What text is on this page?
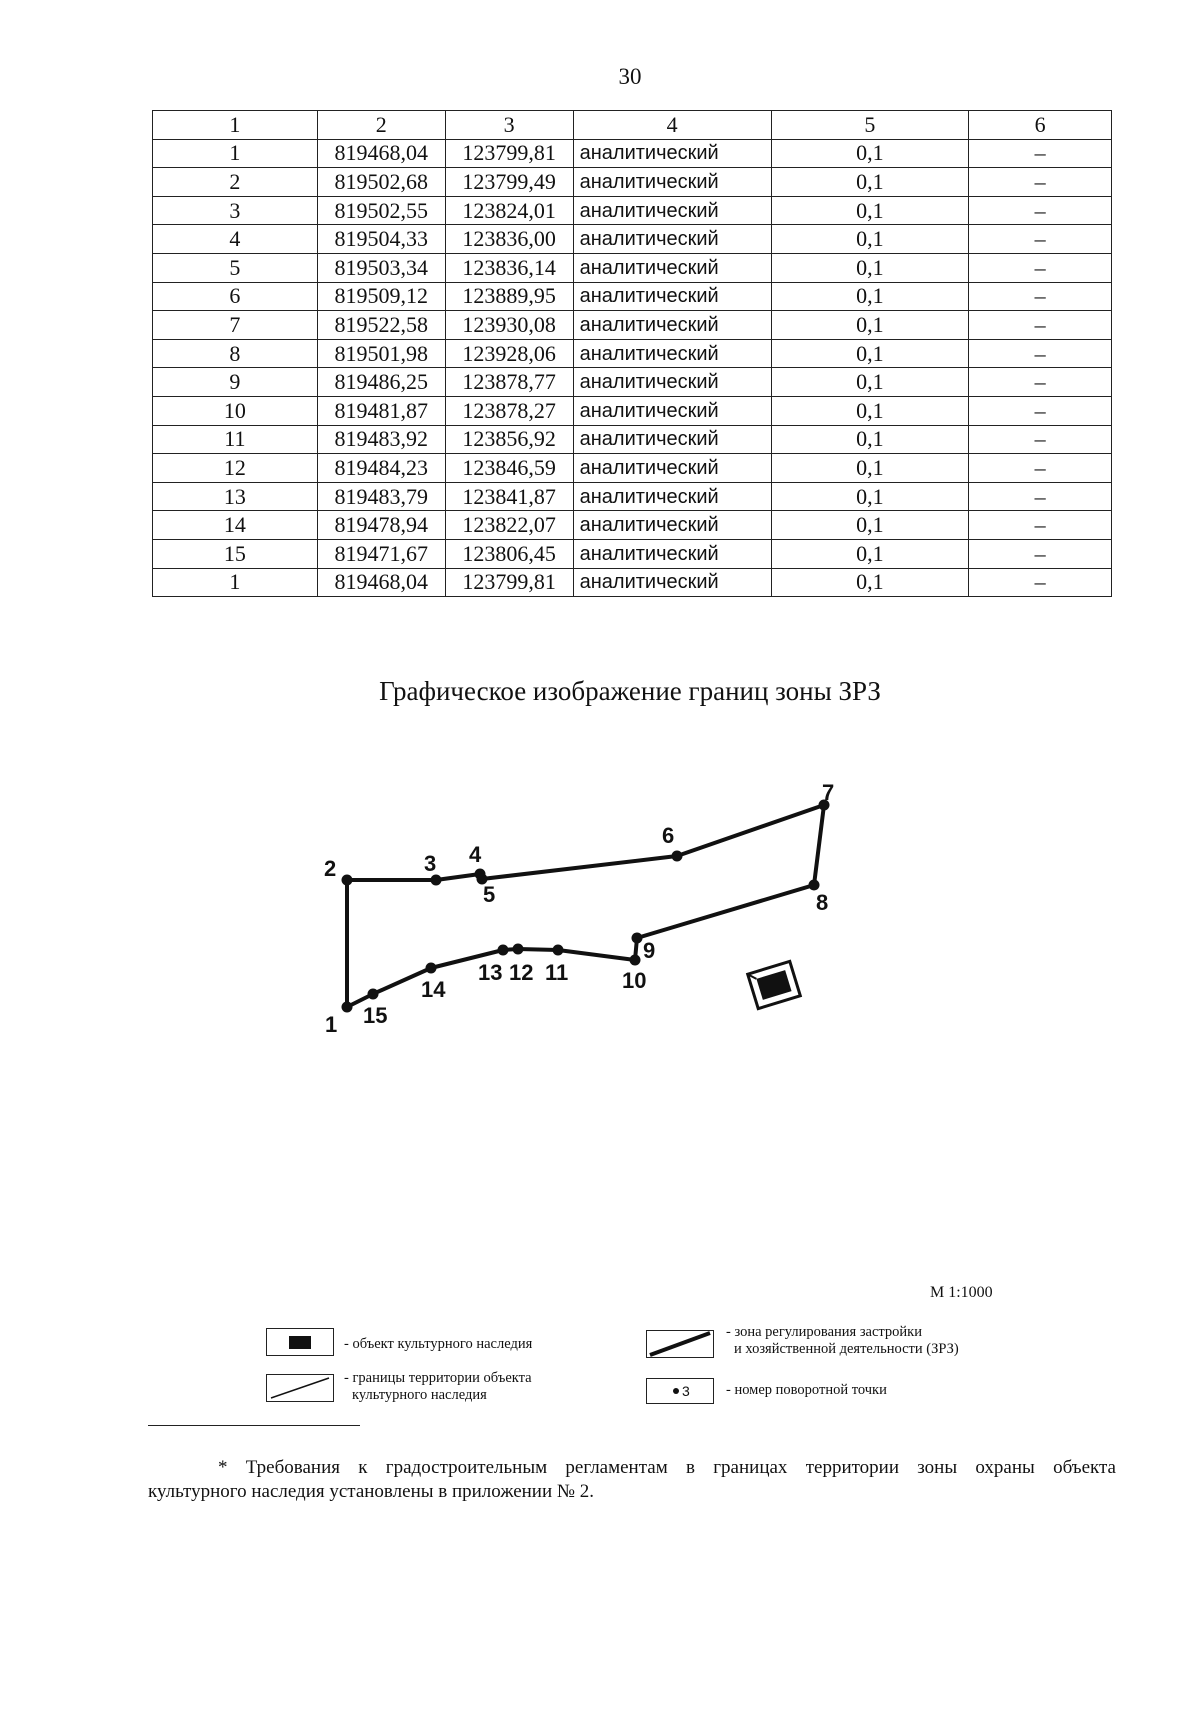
30
1	2	3	4	5	6
1	819468,04	123799,81	аналитический	0,1	–
2	819502,68	123799,49	аналитический	0,1	–
3	819502,55	123824,01	аналитический	0,1	–
4	819504,33	123836,00	аналитический	0,1	–
5	819503,34	123836,14	аналитический	0,1	–
6	819509,12	123889,95	аналитический	0,1	–
7	819522,58	123930,08	аналитический	0,1	–
8	819501,98	123928,06	аналитический	0,1	–
9	819486,25	123878,77	аналитический	0,1	–
10	819481,87	123878,27	аналитический	0,1	–
11	819483,92	123856,92	аналитический	0,1	–
12	819484,23	123846,59	аналитический	0,1	–
13	819483,79	123841,87	аналитический	0,1	–
14	819478,94	123822,07	аналитический	0,1	–
15	819471,67	123806,45	аналитический	0,1	–
1	819468,04	123799,81	аналитический	0,1	–
Графическое изображение границ зоны ЗРЗ
1
2	3 4
5
6
7
8
9
10
11
12
13
14
15
М 1:1000
- объект культурного наследия
- границы территории объекта
культурного наследия
- зона регулирования застройки
и хозяйственной деятельности (ЗРЗ)
3 - номер поворотной точки
* Требования к градостроительным регламентам в границах территории зоны охраны объекта
культурного наследия установлены в приложении № 2.
